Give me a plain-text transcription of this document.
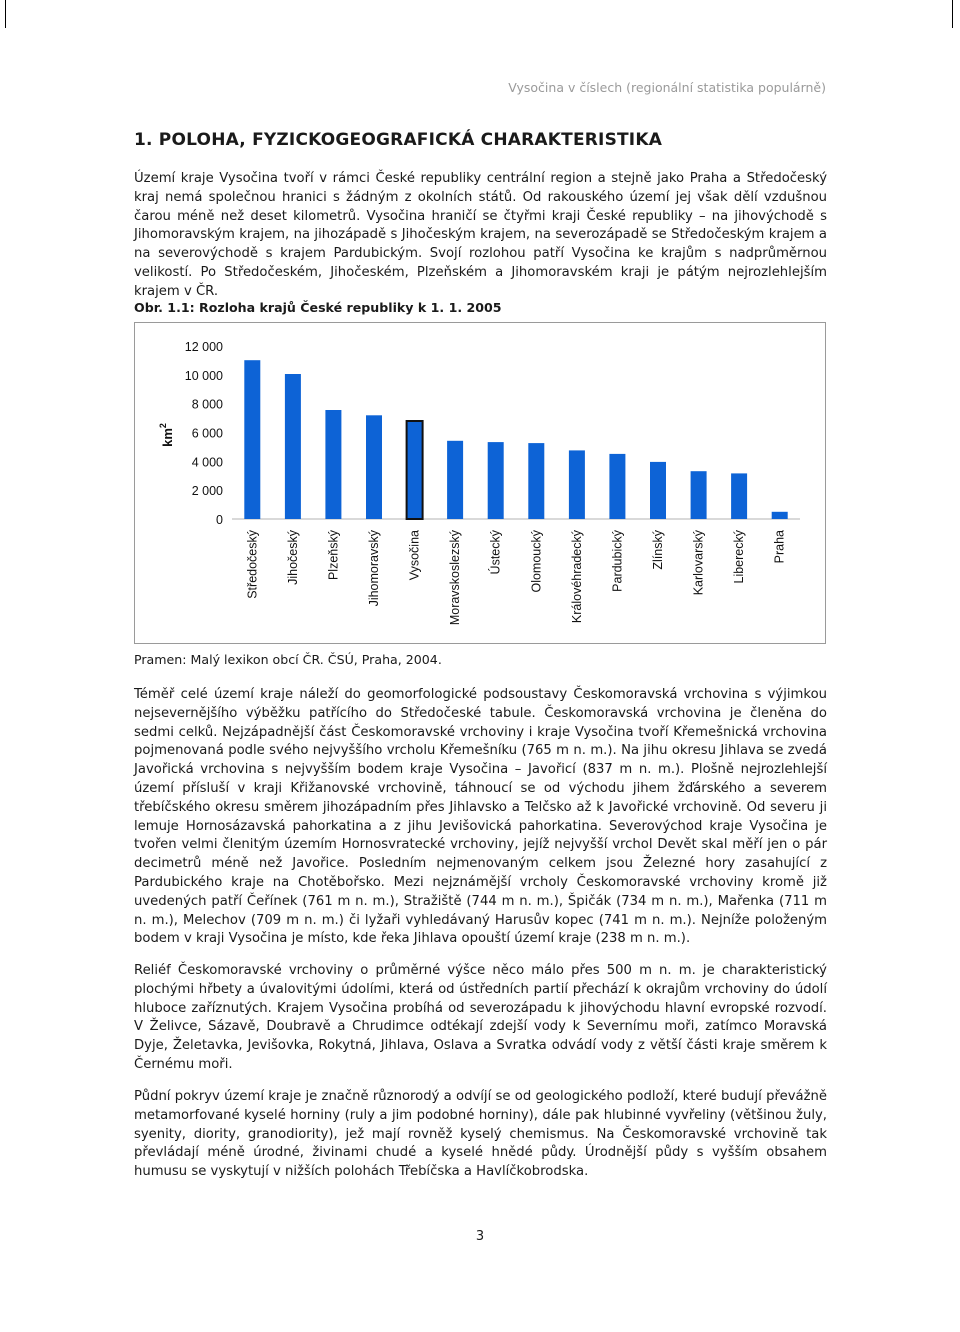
Vysočina v číslech (regionální statistika populárně)
1. POLOHA, FYZICKOGEOGRAFICKÁ CHARAKTERISTIKA

Území kraje Vysočina tvoří v rámci České republiky centrální region a stejně jako Praha a Středočeský kraj nemá společnou hranici s žádným z okolních států. Od rakouského území jej však dělí vzdušnou čarou méně než deset kilometrů. Vysočina hraničí se čtyřmi kraji České republiky – na jihovýchodě s Jihomoravským krajem, na jihozápadě s Jihočeským krajem, na severozápadě se Středočeským krajem a na severovýchodě s krajem Pardubickým. Svojí rozlohou patří Vysočina ke krajům s nadprůměrnou velikostí. Po Středočeském, Jihočeském, Plzeňském a Jihomoravském kraji je pátým nejrozlehlejším krajem v ČR.

Obr. 1.1: Rozloha krajů České republiky k 1. 1. 2005
0
2 000
4 000
6 000
8 000
10 000
12 000
$km^2$
Středočeský Jihočeský Plzeňský Jihomoravský Vysočina Moravskoslezský Ústecký Olomoucký Královéhradecký Pardubický Zlínský Karlovarský Liberecký Praha
Pramen: Malý lexikon obcí ČR. ČSÚ, Praha, 2004.

Téměř celé území kraje náleží do geomorfologické podsoustavy Českomoravská vrchovina s výjimkou nejsevernějšího výběžku patřícího do Středočeské tabule. Českomoravská vrchovina je členěna do sedmi celků. Nejzápadnější část Českomoravské vrchoviny i kraje Vysočina tvoří Křemešnická vrchovina pojmenovaná podle svého nejvyššího vrcholu Křemešníku (765 m n. m.). Na jihu okresu Jihlava se zvedá Javořická vrchovina s nejvyšším bodem kraje Vysočina – Javořicí (837 m n. m.). Plošně nejrozlehlejší území přísluší v kraji Křižanovské vrchovině, táhnoucí se od východu jihem žďárského a severem třebíčského okresu směrem jihozápadním přes Jihlavsko a Telčsko až k Javořické vrchovině. Od severu ji lemuje Hornosázavská pahorkatina a z jihu Jevišovická pahorkatina. Severovýchod kraje Vysočina je tvořen velmi členitým územím Hornosvratecké vrchoviny, jejíž nejvyšší vrchol Devět skal měří jen o pár decimetrů méně než Javořice. Posledním nejmenovaným celkem jsou Železné hory zasahující z Pardubického kraje na Chotěbořsko. Mezi nejznámější vrcholy Českomoravské vrchoviny kromě již uvedených patří Čeřínek (761 m n. m.), Stražiště (744 m n. m.), Špičák (734 m n. m.), Mařenka (711 m n. m.), Melechov (709 m n. m.) či lyžaři vyhledávaný Harusův kopec (741 m n. m.). Nejníže položeným bodem v kraji Vysočina je místo, kde řeka Jihlava opouští území kraje (238 m n. m.).

Reliéf Českomoravské vrchoviny o průměrné výšce něco málo přes 500 m n. m. je charakteristický plochými hřbety a úvalovitými údolími, která od ústředních partií přechází k okrajům vrchoviny do údolí hluboce zaříznutých. Krajem Vysočina probíhá od severozápadu k jihovýchodu hlavní evropské rozvodí. V Želivce, Sázavě, Doubravě a Chrudimce odtékají zdejší vody k Severnímu moři, zatímco Moravská Dyje, Želetavka, Jevišovka, Rokytná, Jihlava, Oslava a Svratka odvádí vody z větší části kraje směrem k Černému moři.

Půdní pokryv území kraje je značně různorodý a odvíjí se od geologického podloží, které budují převážně metamorfované kyselé horniny (ruly a jim podobné horniny), dále pak hlubinné vyvřeliny (většinou žuly, syenity, diority, granodiority), jež mají rovněž kyselý chemismus. Na Českomoravské vrchovině tak převládají méně úrodné, živinami chudé a kyselé hnědé půdy. Úrodnější půdy s vyšším obsahem humusu se vyskytují v nižších polohách Třebíčska a Havlíčkobrodska.

3
